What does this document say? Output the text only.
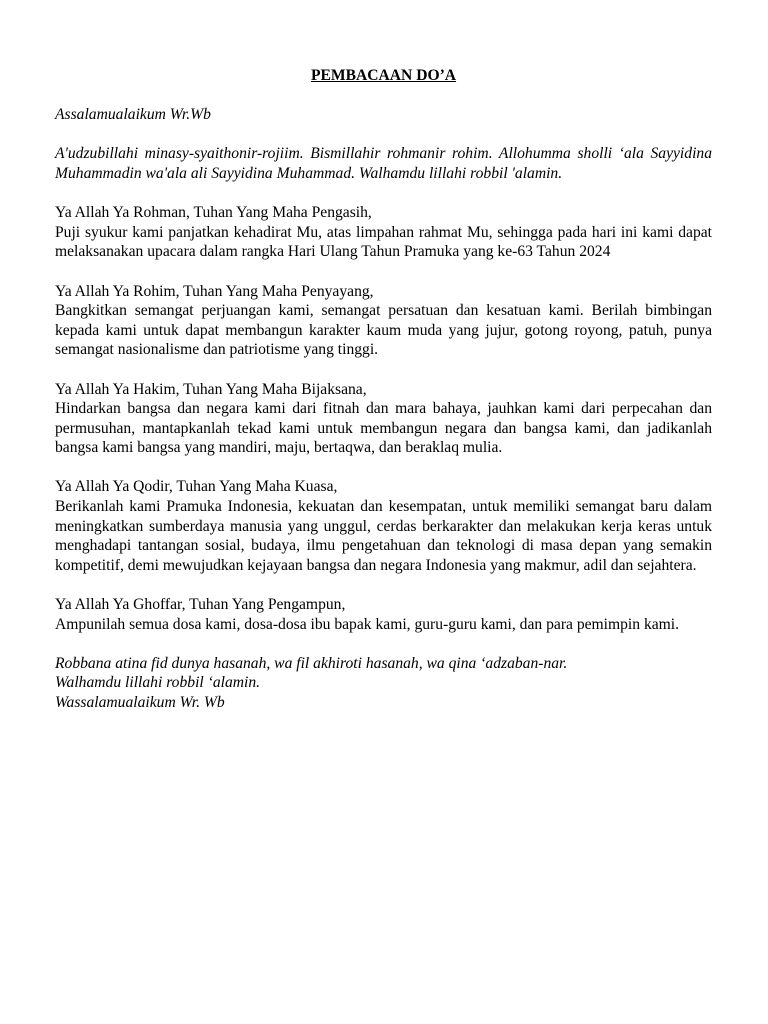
PEMBACAAN DO’A

Assalamualaikum Wr.Wb

A'udzubillahi minasy-syaithonir-rojiim. Bismillahir rohmanir rohim. Allohumma sholli ‘ala Sayyidina Muhammadin wa'ala ali Sayyidina Muhammad. Walhamdu lillahi robbil 'alamin.

Ya Allah Ya Rohman, Tuhan Yang Maha Pengasih,

Puji syukur kami panjatkan kehadirat Mu, atas limpahan rahmat Mu, sehingga pada hari ini kami dapat melaksanakan upacara dalam rangka Hari Ulang Tahun Pramuka yang ke-63 Tahun 2024

Ya Allah Ya Rohim, Tuhan Yang Maha Penyayang,

Bangkitkan semangat perjuangan kami, semangat persatuan dan kesatuan kami. Berilah bimbingan kepada kami untuk dapat membangun karakter kaum muda yang jujur, gotong royong, patuh, punya semangat nasionalisme dan patriotisme yang tinggi.

Ya Allah Ya Hakim, Tuhan Yang Maha Bijaksana,

Hindarkan bangsa dan negara kami dari fitnah dan mara bahaya, jauhkan kami dari perpecahan dan permusuhan, mantapkanlah tekad kami untuk membangun negara dan bangsa kami, dan jadikanlah bangsa kami bangsa yang mandiri, maju, bertaqwa, dan beraklaq mulia.

Ya Allah Ya Qodir, Tuhan Yang Maha Kuasa,

Berikanlah kami Pramuka Indonesia, kekuatan dan kesempatan, untuk memiliki semangat baru dalam meningkatkan sumberdaya manusia yang unggul, cerdas berkarakter dan melakukan kerja keras untuk menghadapi tantangan sosial, budaya, ilmu pengetahuan dan teknologi di masa depan yang semakin kompetitif, demi mewujudkan kejayaan bangsa dan negara Indonesia yang makmur, adil dan sejahtera.

Ya Allah Ya Ghoffar, Tuhan Yang Pengampun,

Ampunilah semua dosa kami, dosa-dosa ibu bapak kami, guru-guru kami, dan para pemimpin kami.

Robbana atina fid dunya hasanah, wa fil akhiroti hasanah, wa qina ‘adzaban-nar.

Walhamdu lillahi robbil ‘alamin.

Wassalamualaikum Wr. Wb
